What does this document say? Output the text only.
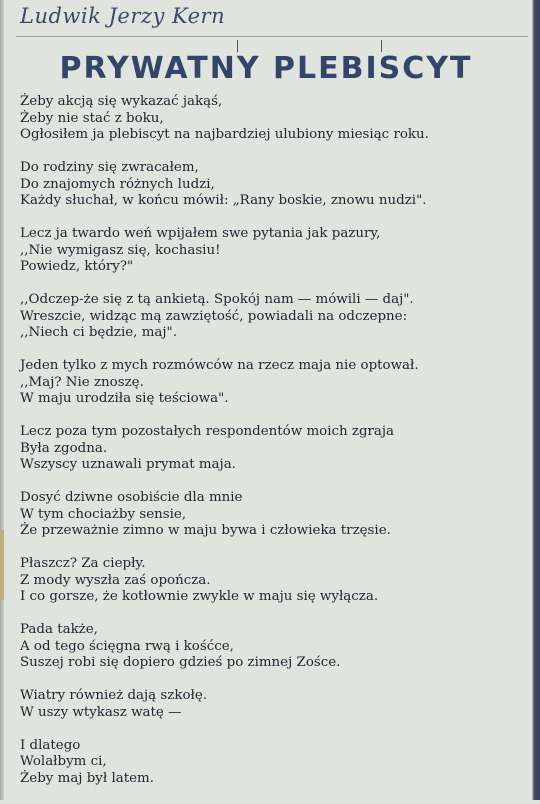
Ludwik Jerzy Kern
PRYWATNY PLEBISCYT
Żeby akcją się wykazać jakąś,
Żeby nie stać z boku,
Ogłosiłem ja plebiscyt na najbardziej ulubiony miesiąc roku.
Do rodziny się zwracałem,
Do znajomych różnych ludzi,
Każdy słuchał, w końcu mówił: „Rany boskie, znowu nudzi".
Lecz ja twardo weń wpijałem swe pytania jak pazury,
,,Nie wymigasz się, kochasiu!
Powiedz, który?"
,,Odczep-że się z tą ankietą. Spokój nam — mówili — daj".
Wreszcie, widząc mą zawziętość, powiadali na odczepne:
,,Niech ci będzie, maj".
Jeden tylko z mych rozmówców na rzecz maja nie optował.
,,Maj? Nie znoszę.
W maju urodziła się teściowa".
Lecz poza tym pozostałych respondentów moich zgraja
Była zgodna.
Wszyscy uznawali prymat maja.
Dosyć dziwne osobiście dla mnie
W tym chociażby sensie,
Że przeważnie zimno w maju bywa i człowieka trzęsie.
Płaszcz? Za ciepły.
Z mody wyszła zaś opończa.
I co gorsze, że kotłownie zwykle w maju się wyłącza.
Pada także,
A od tego ścięgna rwą i kośćce,
Suszej robi się dopiero gdzieś po zimnej Zośce.
Wiatry również dają szkołę.
W uszy wtykasz watę —
I dlatego
Wolałbym ci,
Żeby maj był latem.
